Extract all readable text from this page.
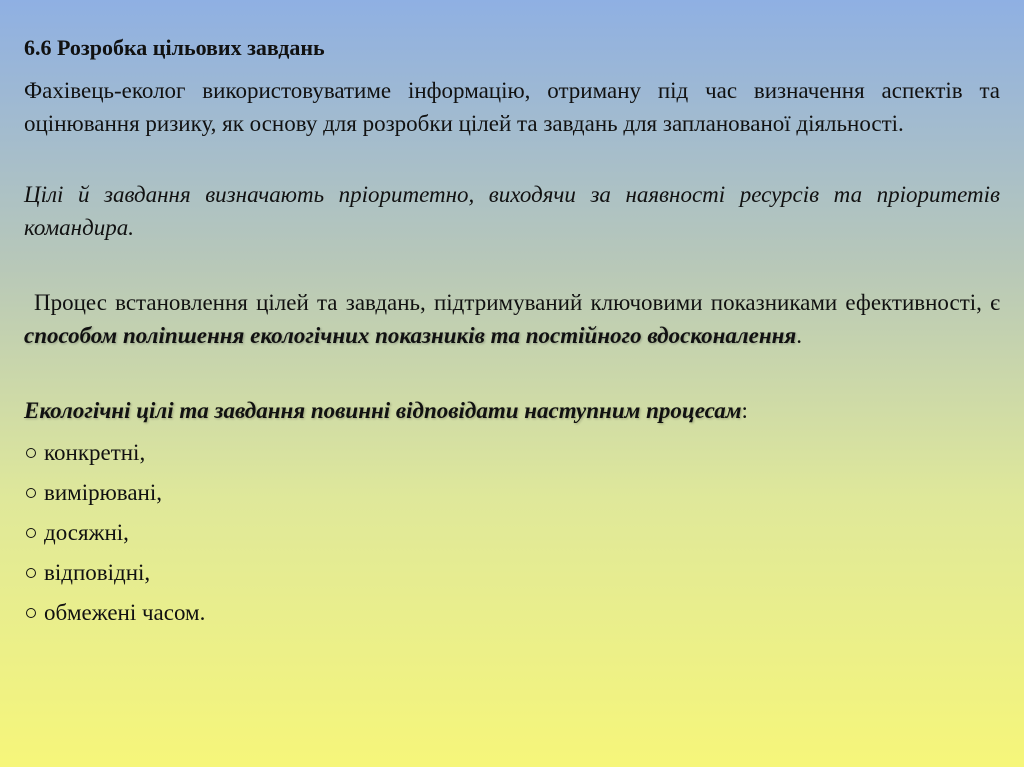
6.6 Розробка цільових завдань

Фахівець-еколог використовуватиме інформацію, отриману під час визначення аспектів та оцінювання ризику, як основу для розробки цілей та завдань для запланованої діяльності.

Цілі й завдання визначають пріоритетно, виходячи за наявності ресурсів та пріоритетів командира.

Процес встановлення цілей та завдань, підтримуваний ключовими показниками ефективності, є способом поліпшення екологічних показників та постійного вдосконалення.

Екологічні цілі та завдання повинні відповідати наступним процесам:

конкретні,
вимірювані,
досяжні,
відповідні,
обмежені часом.
